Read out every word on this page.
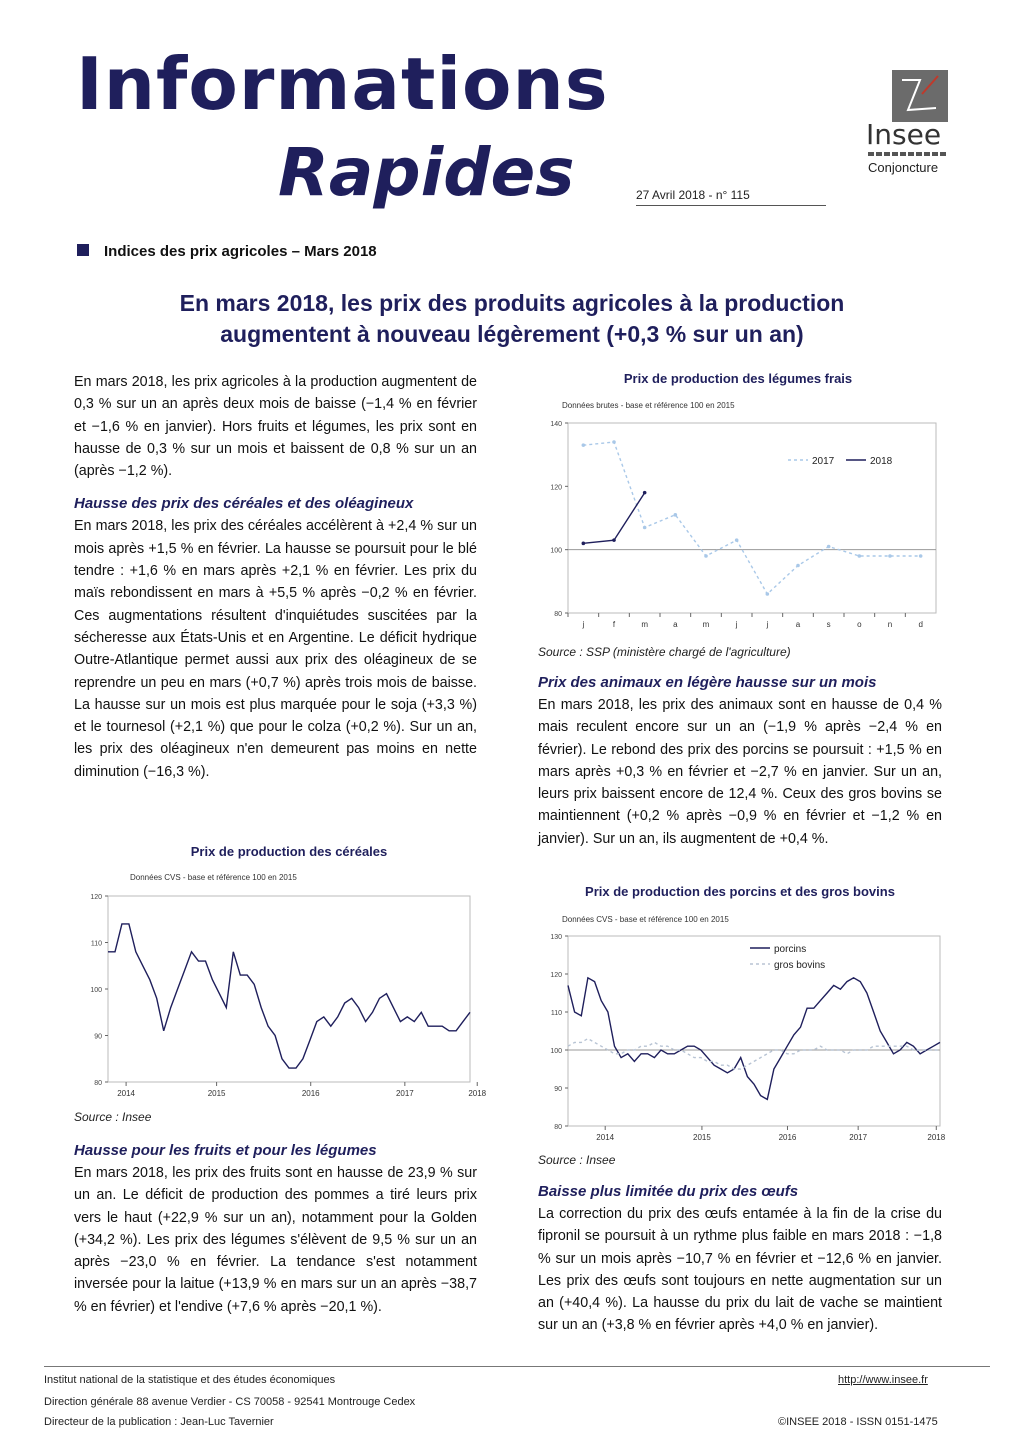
Informations
Rapides	27 Avril 2018 - n° 115
Insee
Conjoncture
Indices des prix agricoles – Mars 2018
En mars 2018, les prix des produits agricoles à la production
augmentent à nouveau légèrement (+0,3 % sur un an)

En mars 2018, les prix agricoles à la production augmentent de 0,3 % sur un an après deux mois de baisse (−1,4 % en février et −1,6 % en janvier). Hors fruits et légumes, les prix sont en hausse de 0,3 % sur un mois et baissent de 0,8 % sur un an (après −1,2 %).

Hausse des prix des céréales et des oléagineux

En mars 2018, les prix des céréales accélèrent à +2,4 % sur un mois après +1,5 % en février. La hausse se poursuit pour le blé tendre : +1,6 % en mars après +2,1 % en février. Les prix du maïs rebondissent en mars à +5,5 % après −0,2 % en février. Ces augmentations résultent d'inquiétudes suscitées par la sécheresse aux États-Unis et en Argentine. Le déficit hydrique Outre-Atlantique permet aussi aux prix des oléagineux de se reprendre un peu en mars (+0,7 %) après trois mois de baisse. La hausse sur un mois est plus marquée pour le soja (+3,3 %) et le tournesol (+2,1 %) que pour le colza (+0,2 %). Sur un an, les prix des oléagineux n'en demeurent pas moins en nette diminution (−16,3 %).

Prix de production des céréales
Données CVS - base et référence 100 en 2015
80
90
100
110
120
2014	2015	2016	2017	2018
Source : Insee
Hausse pour les fruits et pour les légumes

En mars 2018, les prix des fruits sont en hausse de 23,9 % sur un an. Le déficit de production des pommes a tiré leurs prix vers le haut (+22,9 % sur un an), notamment pour la Golden (+34,2 %). Les prix des légumes s'élèvent de 9,5 % sur un an après −23,0 % en février. La tendance s'est notamment inversée pour la laitue (+13,9 % en mars sur un an après −38,7 % en février) et l'endive (+7,6 % après −20,1 %).

Prix de production des légumes frais
Données brutes - base et référence 100 en 2015
80
100
120
140
j	f	m	a	m	j	j	a	s	o	n	d
2017	2018
Source : SSP (ministère chargé de l'agriculture)
Prix des animaux en légère hausse sur un mois

En mars 2018, les prix des animaux sont en hausse de 0,4 % mais reculent encore sur un an (−1,9 % après −2,4 % en février). Le rebond des prix des porcins se poursuit : +1,5 % en mars après +0,3 % en février et −2,7 % en janvier. Sur un an, leurs prix baissent encore de 12,4 %. Ceux des gros bovins se maintiennent (+0,2 % après −0,9 % en février et −1,2 % en janvier). Sur un an, ils augmentent de +0,4 %.

Prix de production des porcins et des gros bovins
Données CVS - base et référence 100 en 2015
80
90
100
110
120
130
2014	2015	2016	2017	2018
porcins
gros bovins
Source : Insee
Baisse plus limitée du prix des œufs

La correction du prix des œufs entamée à la fin de la crise du fipronil se poursuit à un rythme plus faible en mars 2018 : −1,8 % sur un mois après −10,7 % en février et −12,6 % en janvier. Les prix des œufs sont toujours en nette augmentation sur un an (+40,4 %). La hausse du prix du lait de vache se maintient sur un an (+3,8 % en février après +4,0 % en janvier).

Institut national de la statistique et des études économiques
Direction générale 88 avenue Verdier - CS 70058 - 92541 Montrouge Cedex
Directeur de la publication : Jean-Luc Tavernier
http://www.insee.fr
©INSEE 2018 - ISSN 0151-1475
